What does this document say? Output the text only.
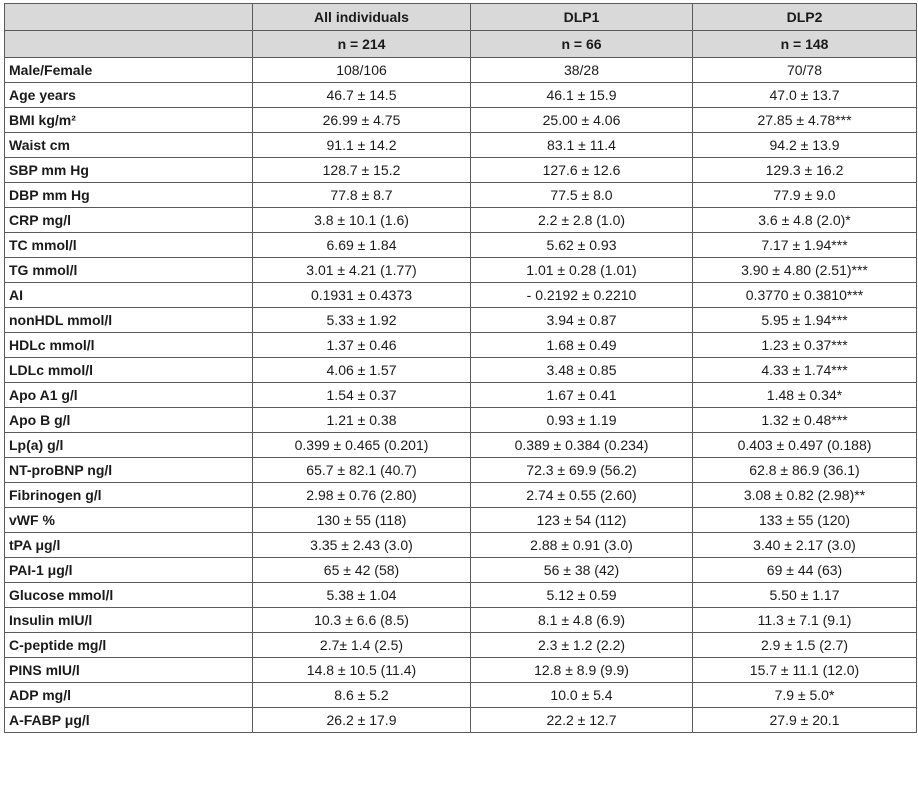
	All individuals	DLP1	DLP2
	n = 214	n = 66	n = 148
Male/Female	108/106	38/28	70/78
Age years	46.7 ± 14.5	46.1 ± 15.9	47.0 ± 13.7
BMI kg/m²	26.99 ± 4.75	25.00 ± 4.06	27.85 ± 4.78***
Waist cm	91.1 ± 14.2	83.1 ± 11.4	94.2 ± 13.9
SBP mm Hg	128.7 ± 15.2	127.6 ± 12.6	129.3 ± 16.2
DBP mm Hg	77.8 ± 8.7	77.5 ± 8.0	77.9 ± 9.0
CRP mg/l	3.8 ± 10.1 (1.6)	2.2 ± 2.8 (1.0)	3.6 ± 4.8 (2.0)*
TC mmol/l	6.69 ± 1.84	5.62 ± 0.93	7.17 ± 1.94***
TG mmol/l	3.01 ± 4.21 (1.77)	1.01 ± 0.28 (1.01)	3.90 ± 4.80 (2.51)***
AI	0.1931 ± 0.4373	- 0.2192 ± 0.2210	0.3770 ± 0.3810***
nonHDL mmol/l	5.33 ± 1.92	3.94 ± 0.87	5.95 ± 1.94***
HDLc mmol/l	1.37 ± 0.46	1.68 ± 0.49	1.23 ± 0.37***
LDLc mmol/l	4.06 ± 1.57	3.48 ± 0.85	4.33 ± 1.74***
Apo A1 g/l	1.54 ± 0.37	1.67 ± 0.41	1.48 ± 0.34*
Apo B g/l	1.21 ± 0.38	0.93 ± 1.19	1.32 ± 0.48***
Lp(a) g/l	0.399 ± 0.465 (0.201)	0.389 ± 0.384 (0.234)	0.403 ± 0.497 (0.188)
NT-proBNP ng/l	65.7 ± 82.1 (40.7)	72.3 ± 69.9 (56.2)	62.8 ± 86.9 (36.1)
Fibrinogen g/l	2.98 ± 0.76 (2.80)	2.74 ± 0.55 (2.60)	3.08 ± 0.82 (2.98)**
vWF %	130 ± 55 (118)	123 ± 54 (112)	133 ± 55 (120)
tPA μg/l	3.35 ± 2.43 (3.0)	2.88 ± 0.91 (3.0)	3.40 ± 2.17 (3.0)
PAI-1 μg/l	65 ± 42 (58)	56 ± 38 (42)	69 ± 44 (63)
Glucose mmol/l	5.38 ± 1.04	5.12 ± 0.59	5.50 ± 1.17
Insulin mIU/l	10.3 ± 6.6 (8.5)	8.1 ± 4.8 (6.9)	11.3 ± 7.1 (9.1)
C-peptide mg/l	2.7± 1.4 (2.5)	2.3 ± 1.2 (2.2)	2.9 ± 1.5 (2.7)
PINS mIU/l	14.8 ± 10.5 (11.4)	12.8 ± 8.9 (9.9)	15.7 ± 11.1 (12.0)
ADP mg/l	8.6 ± 5.2	10.0 ± 5.4	7.9 ± 5.0*
A-FABP μg/l	26.2 ± 17.9	22.2 ± 12.7	27.9 ± 20.1
